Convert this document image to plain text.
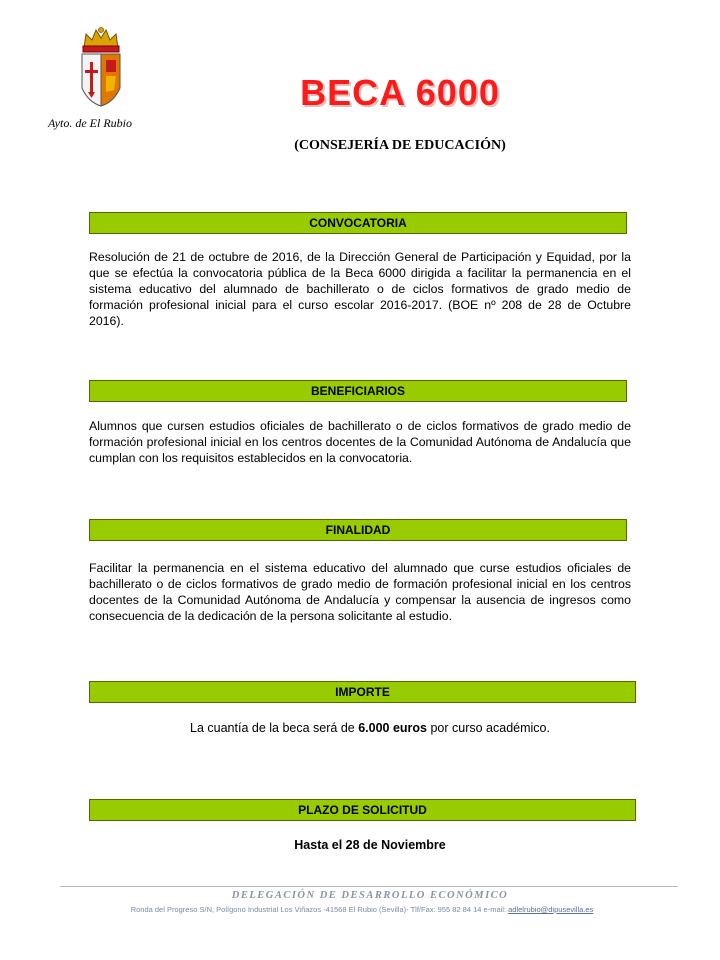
Ayto. de El Rubio
BECA 6000
(CONSEJERÍA DE EDUCACIÓN)
CONVOCATORIA
Resolución de 21 de octubre de 2016, de la Dirección General de Participación y Equidad, por la que se efectúa la convocatoria pública de la Beca 6000 dirigida a facilitar la permanencia en el sistema educativo del alumnado de bachillerato o de ciclos formativos de grado medio de formación profesional inicial para el curso escolar 2016-2017. (BOE nº 208 de 28 de Octubre 2016).
BENEFICIARIOS
Alumnos que cursen estudios oficiales de bachillerato o de ciclos formativos de grado medio de formación profesional inicial en los centros docentes de la Comunidad Autónoma de Andalucía que cumplan con los requisitos establecidos en la convocatoria.
FINALIDAD
Facilitar la permanencia en el sistema educativo del alumnado que curse estudios oficiales de bachillerato o de ciclos formativos de grado medio de formación profesional inicial en los centros docentes de la Comunidad Autónoma de Andalucía y compensar la ausencia de ingresos como consecuencia de la dedicación de la persona solicitante al estudio.
IMPORTE
La cuantía de la beca será de 6.000 euros por curso académico.
PLAZO DE SOLICITUD
Hasta el 28 de Noviembre
DELEGACIÓN DE DESARROLLO ECONÓMICO
Ronda del Progreso S/N, Polígono Industrial Los Viñazos -41568 El Rubio (Sevilla)- Tlf/Fax: 955 82 84 14 e-mail: adlelrubio@dipusevilla.es
